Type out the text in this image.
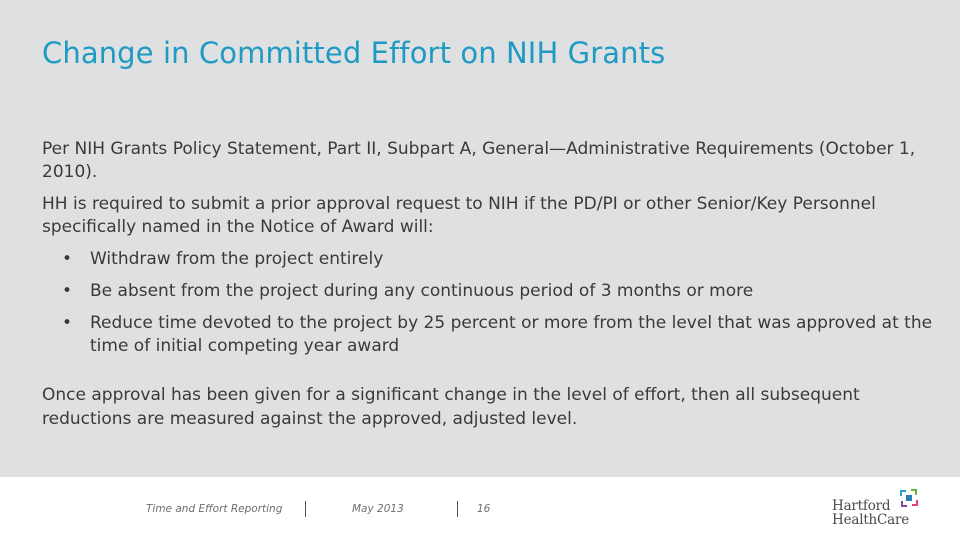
Change in Committed Effort on NIH Grants

Per NIH Grants Policy Statement, Part II, Subpart A, General—Administrative Requirements (October 1, 2010).

HH is required to submit a prior approval request to NIH if the PD/PI or other Senior/Key Personnel specifically named in the Notice of Award will:

• Withdraw from the project entirely
• Be absent from the project during any continuous period of 3 months or more
• Reduce time devoted to the project by 25 percent or more from the level that was approved at the time of initial competing year award

Once approval has been given for a significant change in the level of effort, then all subsequent reductions are measured against the approved, adjusted level.

Time and Effort Reporting	May 2013	16	Hartford
HealthCare
